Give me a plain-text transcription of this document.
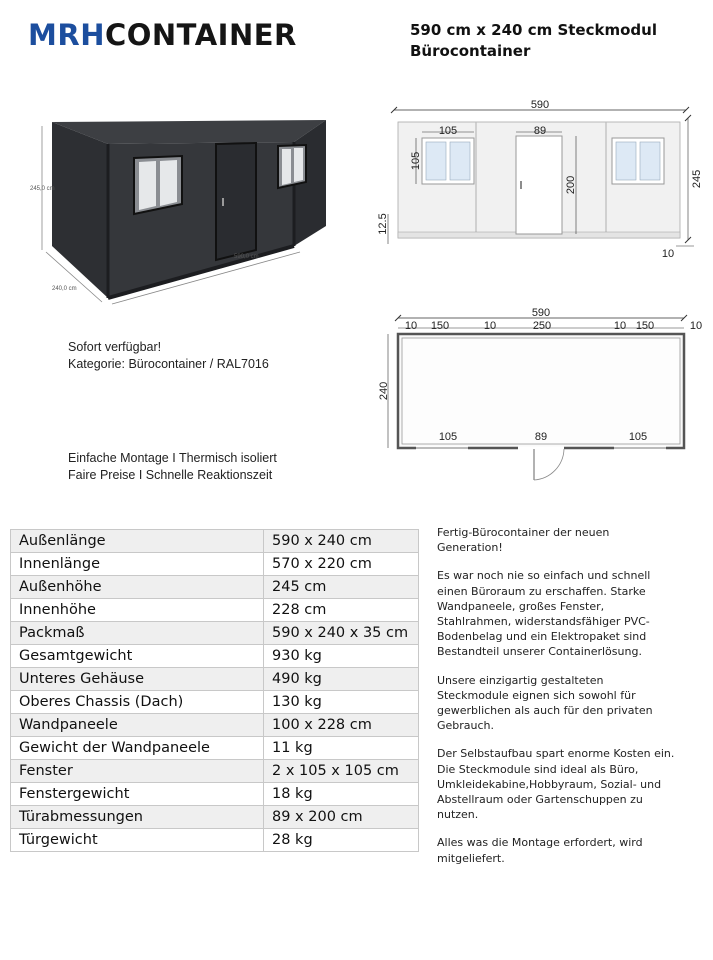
MRHCONTAINER	590 cm x 240 cm Steckmodul
Bürocontainer
245,0 cm
240,0 cm
590,0 cm
590
105
105
89
200	245
12.5
10
590
10 150	10	250	10 150	10
240
105	89	105
Sofort verfügbar!
Kategorie: Bürocontainer / RAL7016
Einfache Montage I Thermisch isoliert
Faire Preise I Schnelle Reaktionszeit
Außenlänge	590 x 240 cm
Innenlänge	570 x 220 cm
Außenhöhe	245 cm
Innenhöhe	228 cm
Packmaß	590 x 240 x 35 cm
Gesamtgewicht	930 kg
Unteres Gehäuse	490 kg
Oberes Chassis (Dach)	130 kg
Wandpaneele	100 x 228 cm
Gewicht der Wandpaneele	11 kg
Fenster	2 x 105 x 105 cm
Fenstergewicht	18 kg
Türabmessungen	89 x 200 cm
Türgewicht	28 kg

Fertig-Bürocontainer der neuen Generation!

Es war noch nie so einfach und schnell einen Büroraum zu erschaffen. Starke Wandpaneele, großes Fenster, Stahlrahmen, widerstandsfähiger PVC-Bodenbelag und ein Elektropaket sind Bestandteil unserer Containerlösung.

Unsere einzigartig gestalteten Steckmodule eignen sich sowohl für gewerblichen als auch für den privaten Gebrauch.

Der Selbstaufbau spart enorme Kosten ein. Die Steckmodule sind ideal als Büro, Umkleidekabine,Hobbyraum, Sozial- und Abstellraum oder Gartenschuppen zu nutzen.

Alles was die Montage erfordert, wird mitgeliefert.
